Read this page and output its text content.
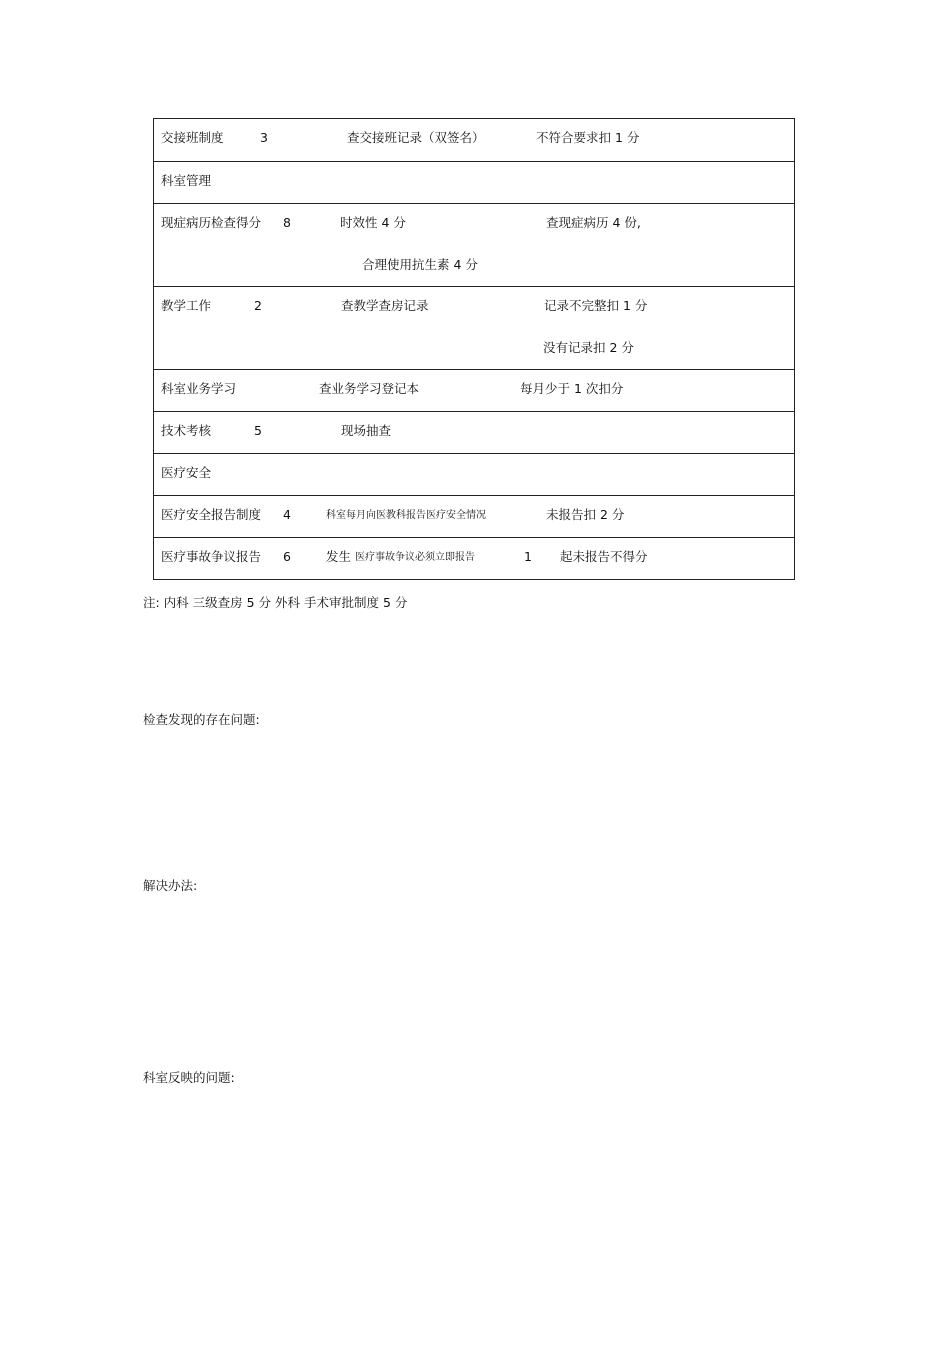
交接班制度	3	查交接班记录（双签名）	不符合要求扣 1 分
科室管理
现症病历检查得分 8	时效性 4 分	查现症病历 4 份,
合理使用抗生素 4 分
教学工作	2	查教学查房记录	记录不完整扣 1 分
没有记录扣 2 分
科室业务学习	查业务学习登记本	每月少于 1 次扣分
技术考核	5	现场抽查
医疗安全
医疗安全报告制度 4	科室每月向医教科报告医疗安全情况	未报告扣 2 分
医疗事故争议报告 6	发生 医疗事故争议必须立即报告	1 起未报告不得分
注: 内科 三级查房 5 分 外科 手术审批制度 5 分
检查发现的存在问题:
解决办法:
科室反映的问题:
